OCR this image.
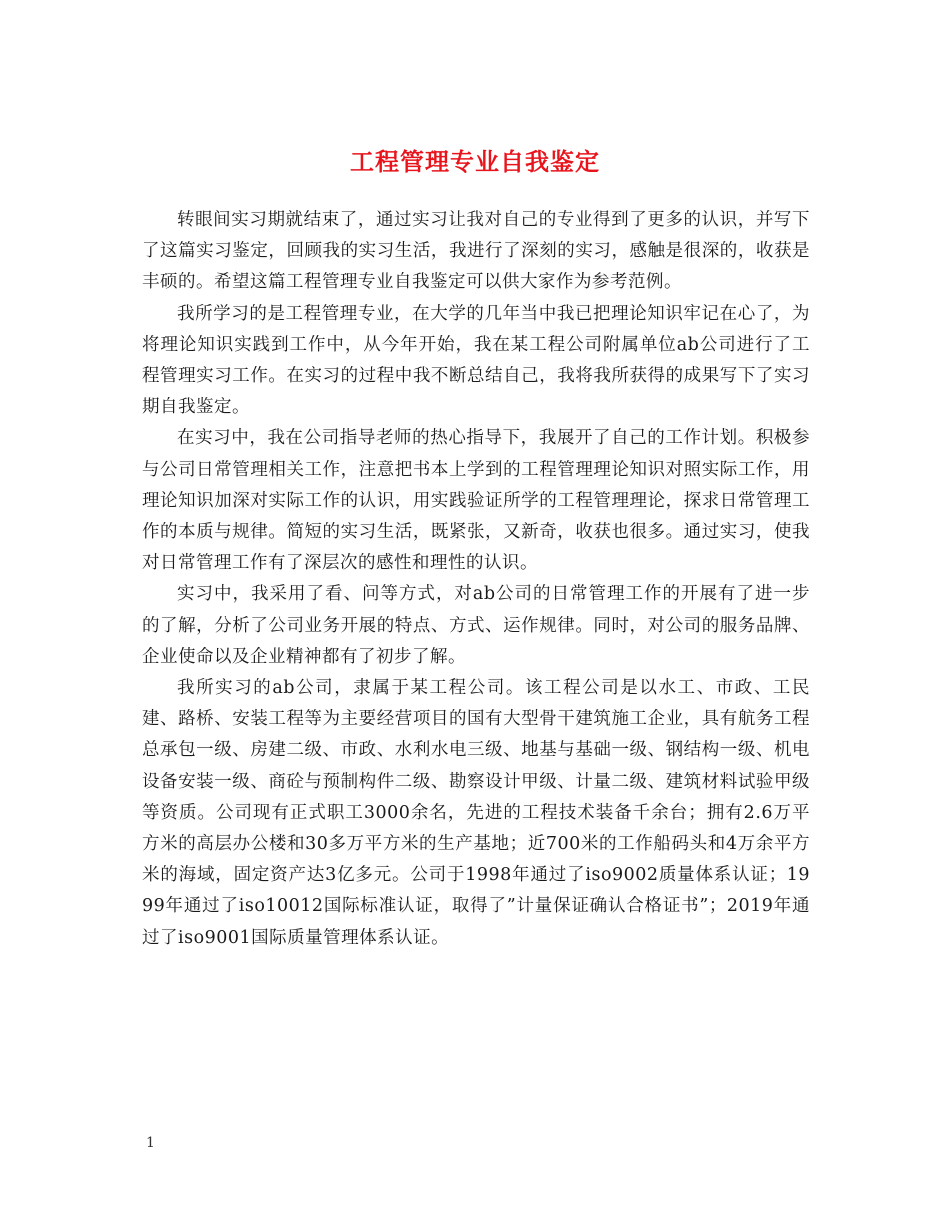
工程管理专业自我鉴定

转眼间实习期就结束了，通过实习让我对自己的专业得到了更多的认识，并写下了这篇实习鉴定，回顾我的实习生活，我进行了深刻的实习，感触是很深的，收获是丰硕的。希望这篇工程管理专业自我鉴定可以供大家作为参考范例。

我所学习的是工程管理专业，在大学的几年当中我已把理论知识牢记在心了，为将理论知识实践到工作中，从今年开始，我在某工程公司附属单位ab公司进行了工程管理实习工作。在实习的过程中我不断总结自己，我将我所获得的成果写下了实习期自我鉴定。

在实习中，我在公司指导老师的热心指导下，我展开了自己的工作计划。积极参与公司日常管理相关工作，注意把书本上学到的工程管理理论知识对照实际工作，用理论知识加深对实际工作的认识，用实践验证所学的工程管理理论，探求日常管理工作的本质与规律。简短的实习生活，既紧张，又新奇，收获也很多。通过实习，使我对日常管理工作有了深层次的感性和理性的认识。

实习中，我采用了看、问等方式，对ab公司的日常管理工作的开展有了进一步的了解，分析了公司业务开展的特点、方式、运作规律。同时，对公司的服务品牌、企业使命以及企业精神都有了初步了解。

我所实习的ab公司，隶属于某工程公司。该工程公司是以水工、市政、工民建、路桥、安装工程等为主要经营项目的国有大型骨干建筑施工企业，具有航务工程总承包一级、房建二级、市政、水利水电三级、地基与基础一级、钢结构一级、机电设备安装一级、商砼与预制构件二级、勘察设计甲级、计量二级、建筑材料试验甲级等资质。公司现有正式职工3000余名，先进的工程技术装备千余台；拥有2.6万平方米的高层办公楼和30多万平方米的生产基地；近700米的工作船码头和4万余平方米的海域，固定资产达3亿多元。公司于1998年通过了iso9002质量体系认证；1999年通过了iso10012国际标准认证，取得了”计量保证确认合格证书”；2019年通过了iso9001国际质量管理体系认证。

1
